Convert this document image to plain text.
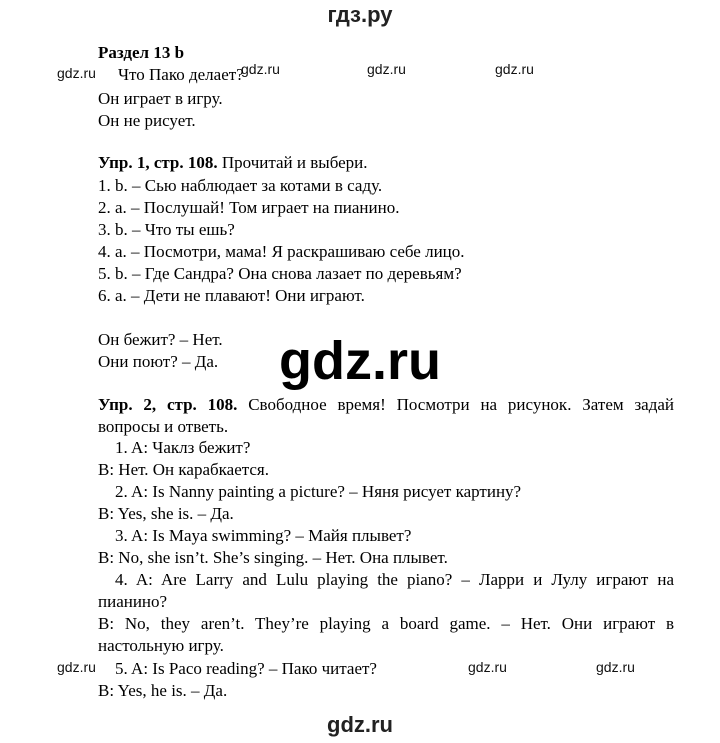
гдз.ру
gdz.ru	gdz.ru	gdz.ru	gdz.ru
Раздел 13 b
Что Пако делает?
Он играет в игру.
Он не рисует.
Упр. 1, стр. 108. Прочитай и выбери.
1. b. – Сью наблюдает за котами в саду.
2. a. – Послушай! Том играет на пианино.
3. b. – Что ты ешь?
4. a. – Посмотри, мама! Я раскрашиваю себе лицо.
5. b. – Где Сандра? Она снова лазает по деревьям?
6. a. – Дети не плавают! Они играют.
Он бежит? – Нет.
Они поют? – Да.	gdz.ru
Упр. 2, стр. 108. Свободное время! Посмотри на рисунок. Затем задай вопросы и ответь.
1. A: Чаклз бежит?
B: Нет. Он карабкается.
2. A: Is Nanny painting a picture? – Няня рисует картину?
B: Yes, she is. – Да.
3. A: Is Maya swimming? – Майя плывет?
B: No, she isn’t. She’s singing. – Нет. Она плывет.
4. A: Are Larry and Lulu playing the piano? – Ларри и Лулу играют на пианино?
B: No, they aren’t. They’re playing a board game. – Нет. Они играют в настольную игру.
gdz.ru	gdz.ru	gdz.ru
5. A: Is Paco reading? – Пако читает?
B: Yes, he is. – Да.
gdz.ru
